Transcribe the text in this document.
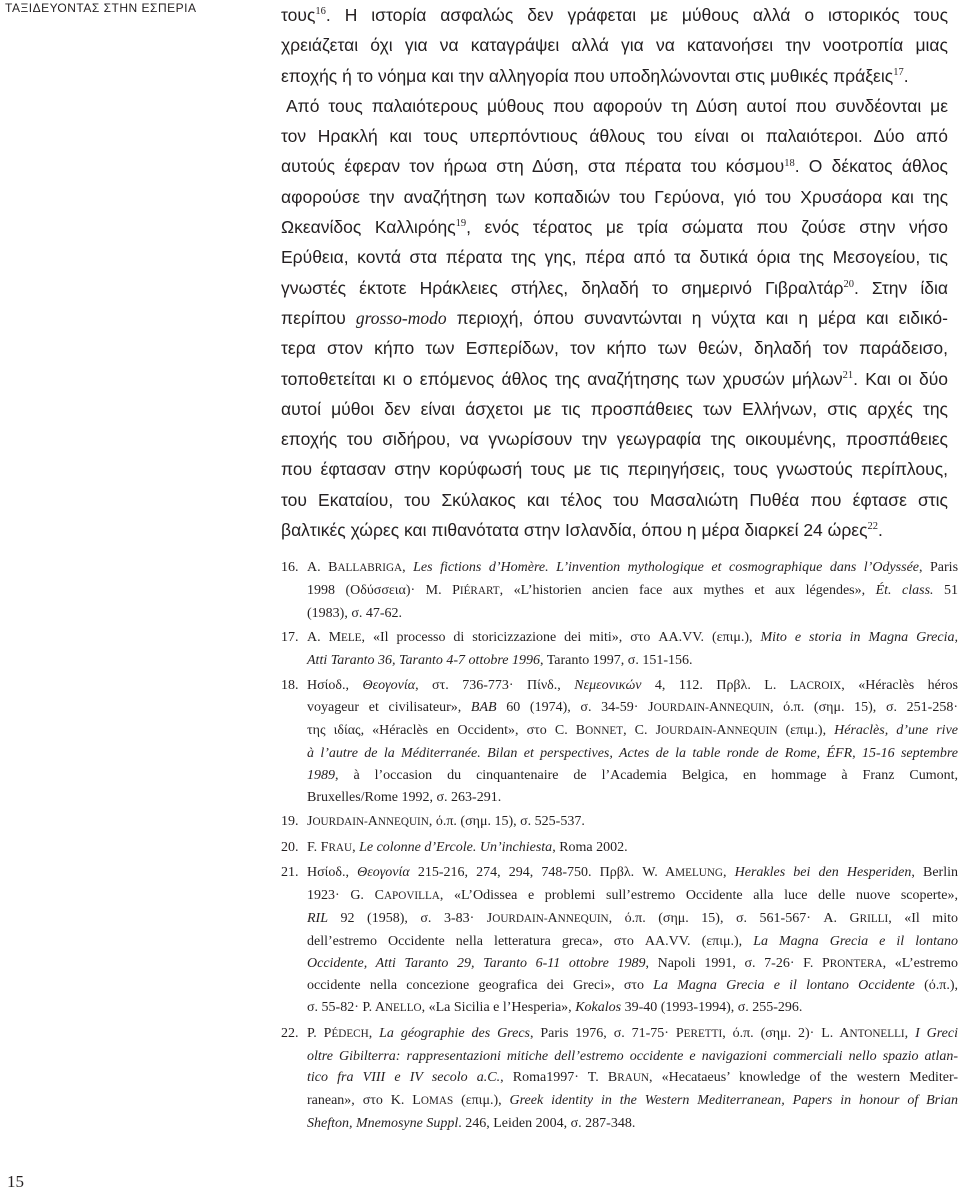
ΤΑΞΙΔΕΥΟΝΤΑΣ ΣΤΗΝ ΕΣΠΕΡΙΑ	τους$^{16}$. Η ιστορία ασφαλώς δεν γράφεται με μύθους αλλά ο ιστορικός τους
χρειάζεται όχι για να καταγράψει αλλά για να κατανοήσει την νοοτροπία μιας
εποχής ή το νόημα και την αλληγορία που υποδηλώνονται στις μυθικές πράξεις$^{17}$.
Από τους παλαιότερους μύθους που αφορούν τη Δύση αυτοί που συνδέονται με
τον Ηρακλή και τους υπερπόντιους άθλους του είναι οι παλαιότεροι. Δύο από
αυτούς έφεραν τον ήρωα στη Δύση, στα πέρατα του κόσμου$^{18}$. Ο δέκατος άθλος
αφορούσε την αναζήτηση των κοπαδιών του Γερύονα, γιό του Χρυσάορα και της
Ωκεανίδος Καλλιρόης$^{19}$, ενός τέρατος με τρία σώματα που ζούσε στην νήσο
Ερύθεια, κοντά στα πέρατα της γης, πέρα από τα δυτικά όρια της Μεσογείου, τις
γνωστές έκτοτε Ηράκλειες στήλες, δηλαδή το σημερινό Γιβραλτάρ$^{20}$. Στην ίδια
περίπου grosso-modo περιοχή, όπου συναντώνται η νύχτα και η μέρα και ειδικό-
τερα στον κήπο των Εσπερίδων, τον κήπο των θεών, δηλαδή τον παράδεισο,
τοποθετείται κι ο επόμενος άθλος της αναζήτησης των χρυσών μήλων$^{21}$. Και οι δύο
αυτοί μύθοι δεν είναι άσχετοι με τις προσπάθειες των Ελλήνων, στις αρχές της
εποχής του σιδήρου, να γνωρίσουν την γεωγραφία της οικουμένης, προσπάθειες
που έφτασαν στην κορύφωσή τους με τις περιηγήσεις, τους γνωστούς περίπλους,
του Εκαταίου, του Σκύλακος και τέλος του Μασαλιώτη Πυθέα που έφτασε στις
βαλτικές χώρες και πιθανότατα στην Ισλανδία, όπου η μέρα διαρκεί 24 ώρες$^{22}$.
16. A. BALLABRIGA, Les fictions d’Homère. L’invention mythologique et cosmographique dans l’Odyssée, Paris
1998 (Οδύσσεια)· M. PIÉRART, «L’historien ancien face aux mythes et aux légendes», Ét. class. 51
(1983), σ. 47-62.
17. A. MELE, «Il processo di storicizzazione dei miti», στο AA.VV. (επιμ.), Mito e storia in Magna Grecia,
Atti Taranto 36, Taranto 4-7 ottobre 1996, Taranto 1997, σ. 151-156.
18. Ησίοδ., Θεογονία, στ. 736-773· Πίνδ., Νεμεονικών 4, 112. Πρβλ. L. LACROIX, «Héraclès héros
voyageur et civilisateur», BAB 60 (1974), σ. 34-59· JOURDAIN-ANNEQUIN, ό.π. (σημ. 15), σ. 251-258·
της ιδίας, «Héraclès en Occident», στο C. BONNET, C. JOURDAIN-ANNEQUIN (επιμ.), Héraclès, d’une rive
à l’autre de la Méditerranée. Bilan et perspectives, Actes de la table ronde de Rome, ÉFR, 15-16 septembre
1989, à l’occasion du cinquantenaire de l’Academia Belgica, en hommage à Franz Cumont,
Bruxelles/Rome 1992, σ. 263-291.
19. JOURDAIN-ANNEQUIN, ό.π. (σημ. 15), σ. 525-537.
20. F. FRAU, Le colonne d’Ercole. Un’inchiesta, Roma 2002.
21. Ησίοδ., Θεογονία 215-216, 274, 294, 748-750. Πρβλ. W. AMELUNG, Herakles bei den Hesperiden, Berlin
1923· G. CAPOVILLA, «L’Odissea e problemi sull’estremo Occidente alla luce delle nuove scoperte»,
RIL 92 (1958), σ. 3-83· JOURDAIN-ANNEQUIN, ό.π. (σημ. 15), σ. 561-567· A. GRILLI, «Il mito
dell’estremo Occidente nella letteratura greca», στο AA.VV. (επιμ.), La Magna Grecia e il lontano
Occidente, Atti Taranto 29, Taranto 6-11 ottobre 1989, Napoli 1991, σ. 7-26· F. PRONTERA, «L’estremo
occidente nella concezione geografica dei Greci», στο La Magna Grecia e il lontano Occidente (ό.π.),
σ. 55-82· P. ANELLO, «La Sicilia e l’Hesperia», Kokalos 39-40 (1993-1994), σ. 255-296.
22. P. PÉDECH, La géographie des Grecs, Paris 1976, σ. 71-75· PERETTI, ό.π. (σημ. 2)· L. ANTONELLI, I Greci
oltre Gibilterra: rappresentazioni mitiche dell’estremo occidente e navigazioni commerciali nello spazio atlan-
tico fra VIII e IV secolo a.C., Roma1997· T. BRAUN, «Hecataeus’ knowledge of the western Mediter-
ranean», στο K. LOMAS (επιμ.), Greek identity in the Western Mediterranean, Papers in honour of Brian
Shefton, Mnemosyne Suppl. 246, Leiden 2004, σ. 287-348.
15
